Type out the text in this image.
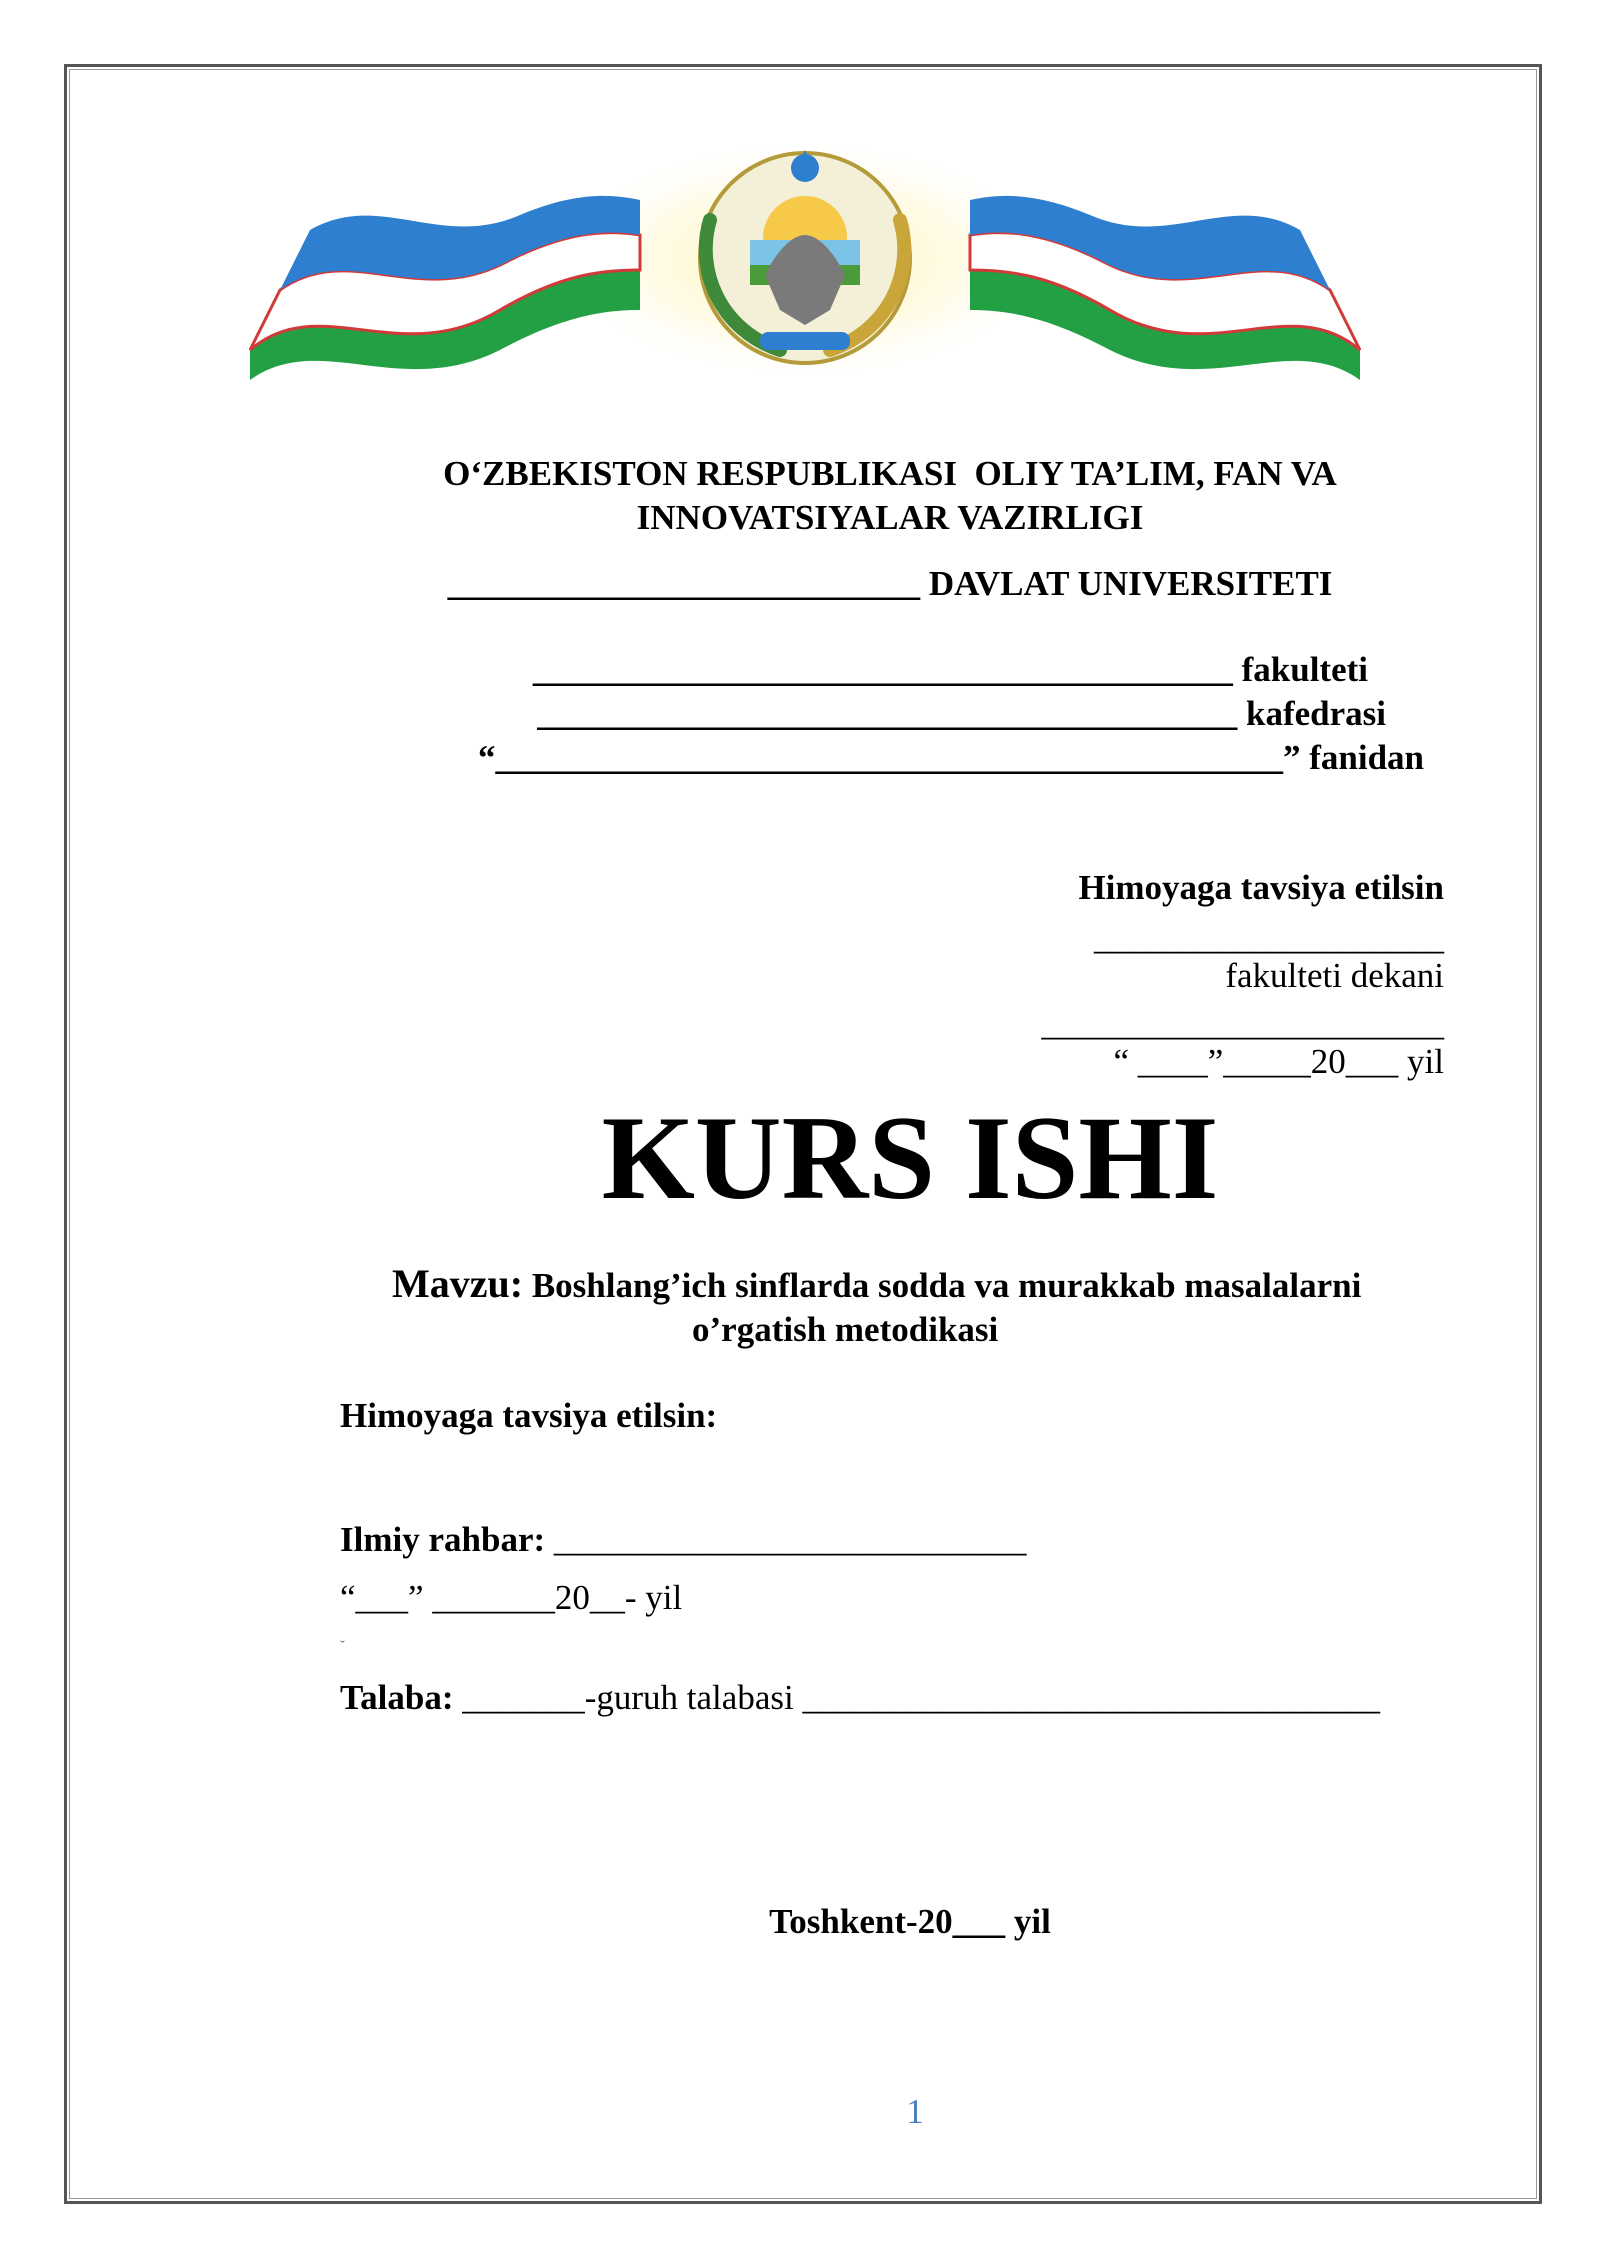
O‘ZBEKISTON RESPUBLIKASI  OLIY TA’LIM, FAN VA
INNOVATSIYALAR VAZIRLIGI
___________________________ DAVLAT UNIVERSITETI
________________________________________ fakulteti
________________________________________ kafedrasi
“_____________________________________________” fanidan
Himoyaga tavsiya etilsin
____________________
fakulteti dekani
_______________________
“ ____”_____20___ yil
KURS ISHI
Mavzu: Boshlang’ich sinflarda sodda va murakkab masalalarni
o’rgatish metodikasi
Himoyaga tavsiya etilsin:
Ilmiy rahbar: ___________________________
“___” _______20__- yil
ˇ
Talaba: _______-guruh talabasi _________________________________
Toshkent-20___ yil
1
